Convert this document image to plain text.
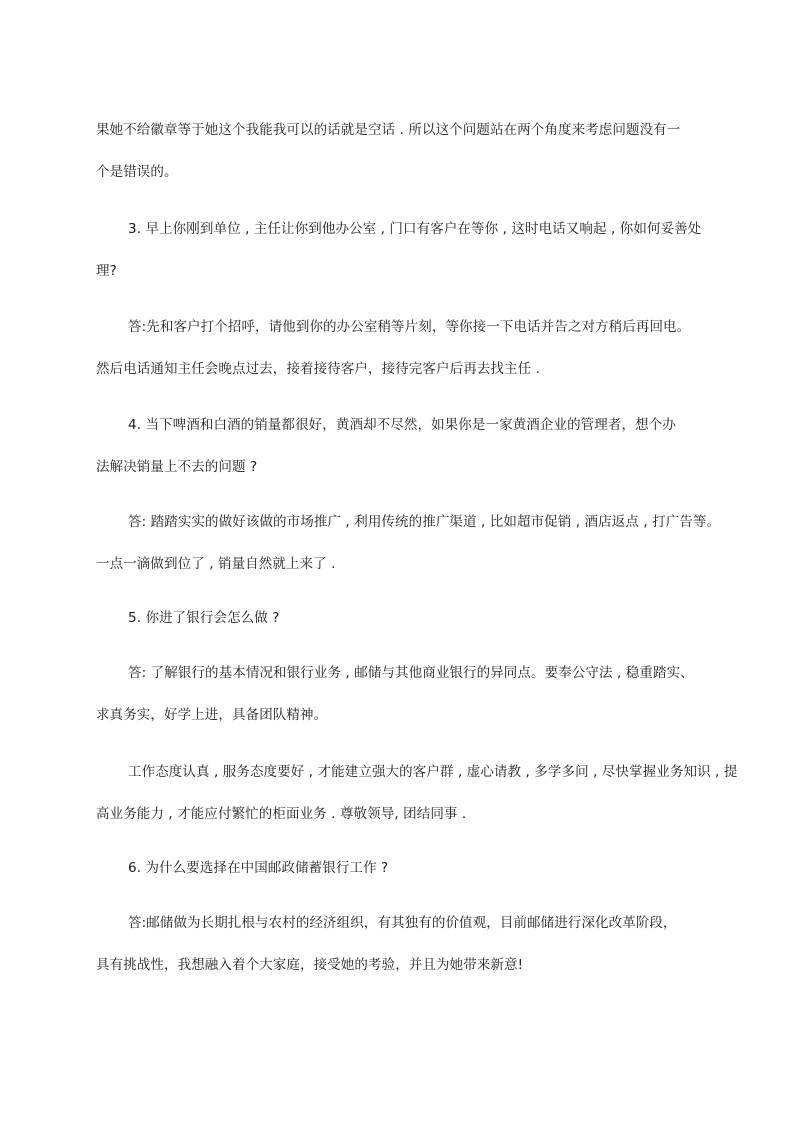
果她不给徽章等于她这个我能我可以的话就是空话 . 所以这个问题站在两个角度来考虑问题没有一
个是错误的。
3. 早上你刚到单位 , 主任让你到他办公室 , 门口有客户在等你 , 这时电话又响起 , 你如何妥善处
理?
答:先和客户打个招呼，请他到你的办公室稍等片刻，等你接一下电话并告之对方稍后再回电。
然后电话通知主任会晚点过去，接着接待客户，接待完客户后再去找主任 .
4. 当下啤酒和白酒的销量都很好，黄酒却不尽然，如果你是一家黄酒企业的管理者，想个办
法解决销量上不去的问题 ?
答: 踏踏实实的做好该做的市场推广 , 利用传统的推广渠道 , 比如超市促销 , 酒店返点 , 打广告等。
一点一滴做到位了 , 销量自然就上来了 .
5. 你进了银行会怎么做 ?
答: 了解银行的基本情况和银行业务 , 邮储与其他商业银行的异同点。要奉公守法 , 稳重踏实、
求真务实，好学上进，具备团队精神。
工作态度认真 , 服务态度要好 , 才能建立强大的客户群 , 虚心请教 , 多学多问 , 尽快掌握业务知识 , 提
高业务能力 , 才能应付繁忙的柜面业务 . 尊敬领导, 团结同事 .
6. 为什么要选择在中国邮政储蓄银行工作 ?
答:邮储做为长期扎根与农村的经济组织，有其独有的价值观，目前邮储进行深化改革阶段，
具有挑战性，我想融入着个大家庭，接受她的考验，并且为她带来新意!
